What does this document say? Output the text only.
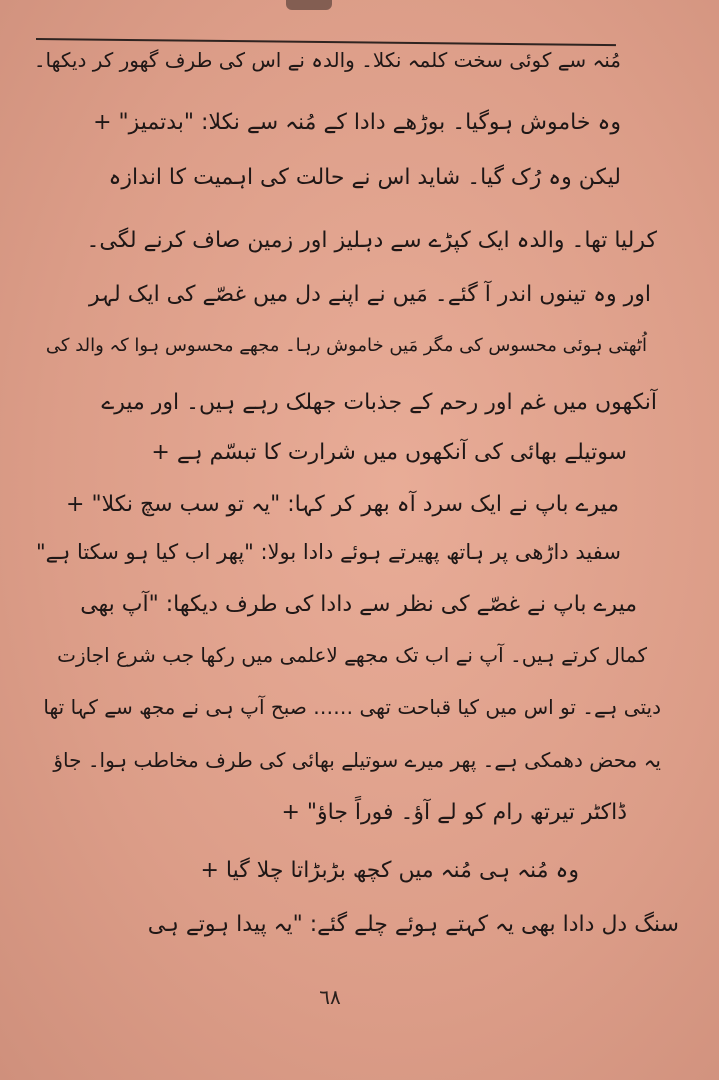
مُنہ سے کوئی سخت کلمہ نکلا۔ والدہ نے اس کی طرف گھور کر دیکھا۔
وہ خاموش ہوگیا۔ بوڑھے دادا کے مُنہ سے نکلا: "بدتمیز" +
لیکن وہ رُک گیا۔ شاید اس نے حالت کی اہمیت کا اندازہ
کرلیا تھا۔ والدہ ایک کپڑے سے دہلیز اور زمین صاف کرنے لگی۔
اور وہ تینوں اندر آ گئے۔ مَیں نے اپنے دل میں غصّے کی ایک لہر
اُٹھتی ہوئی محسوس کی مگر مَیں خاموش رہا۔ مجھے محسوس ہوا کہ والد کی
آنکھوں میں غم اور رحم کے جذبات جھلک رہے ہیں۔ اور میرے
سوتیلے بھائی کی آنکھوں میں شرارت کا تبسّم ہے +
میرے باپ نے ایک سرد آہ بھر کر کہا: "یہ تو سب سچ نکلا" +
سفید داڑھی پر ہاتھ پھیرتے ہوئے دادا بولا: "پھر اب کیا ہو سکتا ہے"
میرے باپ نے غصّے کی نظر سے دادا کی طرف دیکھا: "آپ بھی
کمال کرتے ہیں۔ آپ نے اب تک مجھے لاعلمی میں رکھا جب شرع اجازت
دیتی ہے۔ تو اس میں کیا قباحت تھی …… صبح آپ ہی نے مجھ سے کہا تھا
یہ محض دھمکی ہے۔ پھر میرے سوتیلے بھائی کی طرف مخاطب ہوا۔ جاؤ
ڈاکٹر تیرتھ رام کو لے آؤ۔ فوراً جاؤ" +
وہ مُنہ ہی مُنہ میں کچھ بڑبڑاتا چلا گیا +
سنگ دل دادا بھی یہ کہتے ہوئے چلے گئے: "یہ پیدا ہوتے ہی
٦٨
